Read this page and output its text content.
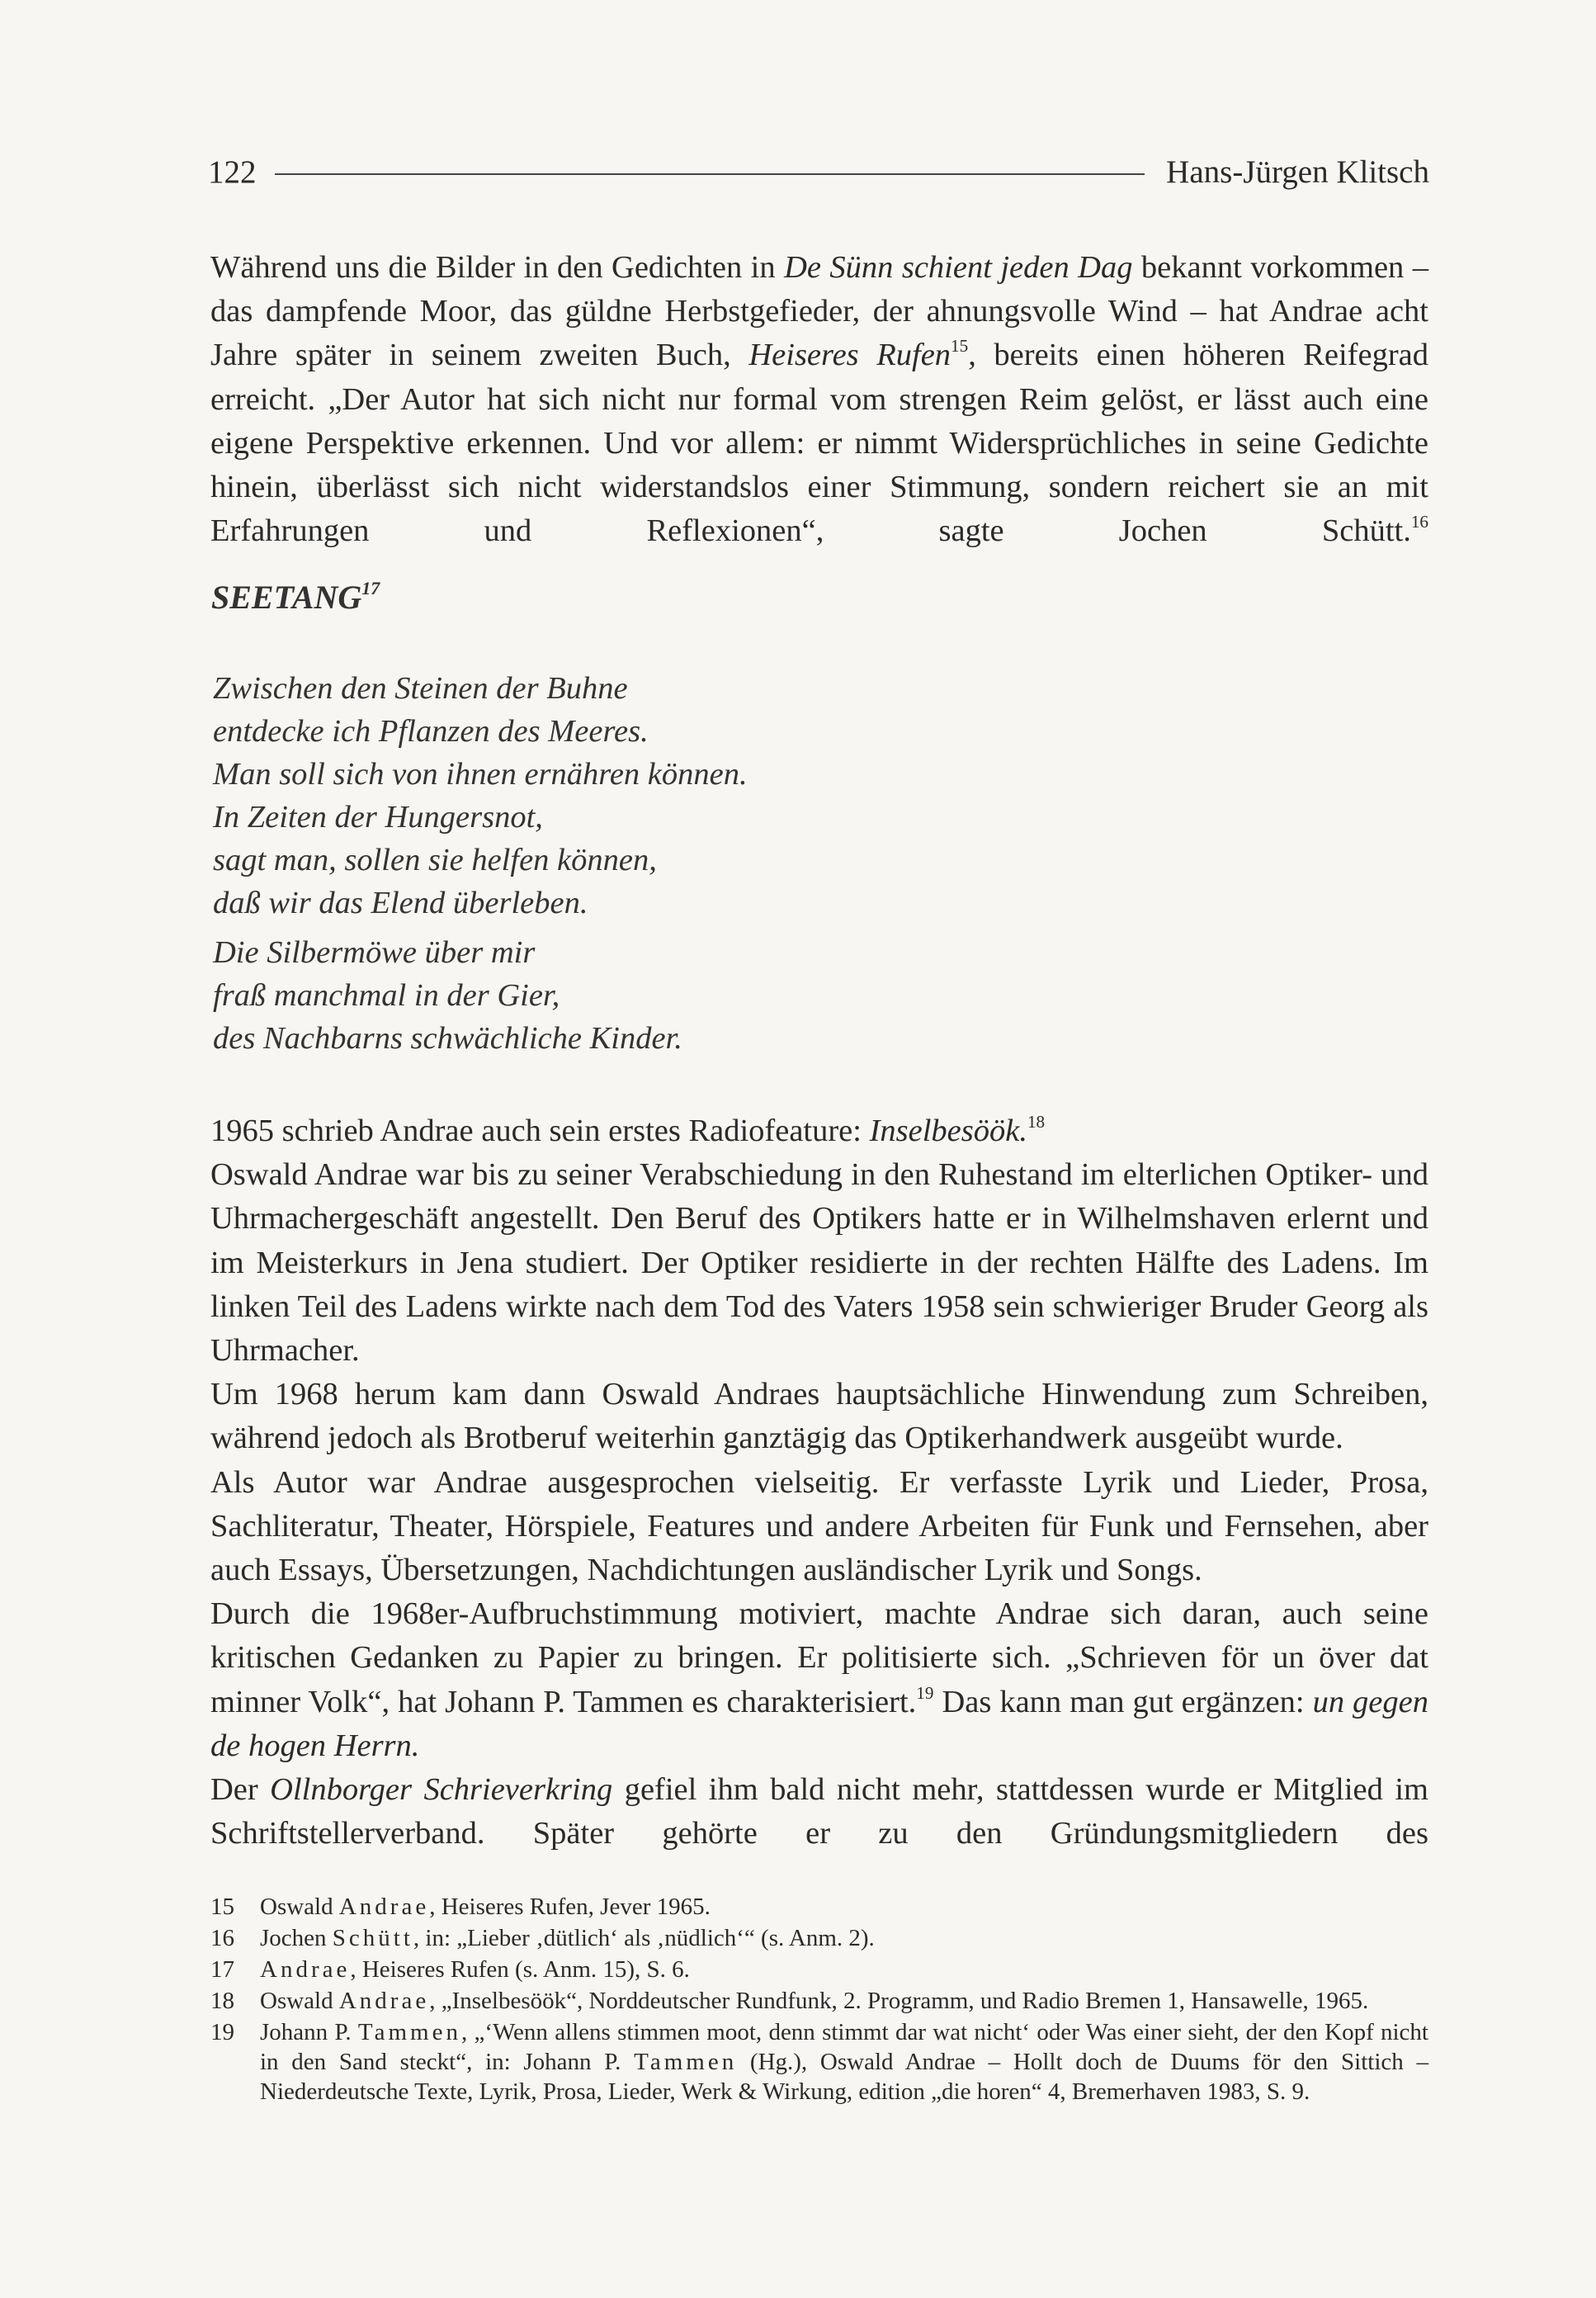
122	Hans-Jürgen Klitsch

Während uns die Bilder in den Gedichten in De Sünn schient jeden Dag bekannt vorkommen – das dampfende Moor, das güldne Herbstgefieder, der ahnungsvolle Wind – hat Andrae acht Jahre später in seinem zweiten Buch, Heiseres Rufen$^{15}$, bereits einen höheren Reifegrad erreicht. „Der Autor hat sich nicht nur formal vom strengen Reim gelöst, er lässt auch eine eigene Perspektive erkennen. Und vor allem: er nimmt Widersprüchliches in seine Gedichte hinein, überlässt sich nicht widerstandslos einer Stimmung, sondern reichert sie an mit Erfahrungen und Reflexionen“, sagte Jochen Schütt.$^{16}$

SEETANG$^{17}$
Zwischen den Steinen der Buhne
entdecke ich Pflanzen des Meeres.
Man soll sich von ihnen ernähren können.
In Zeiten der Hungersnot,
sagt man, sollen sie helfen können,
daß wir das Elend überleben.
Die Silbermöwe über mir
fraß manchmal in der Gier,
des Nachbarns schwächliche Kinder.

1965 schrieb Andrae auch sein erstes Radiofeature: Inselbesöök.$^{18}$

Oswald Andrae war bis zu seiner Verabschiedung in den Ruhestand im elterlichen Optiker- und Uhrmachergeschäft angestellt. Den Beruf des Optikers hatte er in Wilhelmshaven erlernt und im Meisterkurs in Jena studiert. Der Optiker residierte in der rechten Hälfte des Ladens. Im linken Teil des Ladens wirkte nach dem Tod des Vaters 1958 sein schwieriger Bruder Georg als Uhrmacher.

Um 1968 herum kam dann Oswald Andraes hauptsächliche Hinwendung zum Schreiben, während jedoch als Brotberuf weiterhin ganztägig das Optikerhandwerk ausgeübt wurde.

Als Autor war Andrae ausgesprochen vielseitig. Er verfasste Lyrik und Lieder, Prosa, Sachliteratur, Theater, Hörspiele, Features und andere Arbeiten für Funk und Fernsehen, aber auch Essays, Übersetzungen, Nachdichtungen ausländischer Lyrik und Songs.

Durch die 1968er-Aufbruchstimmung motiviert, machte Andrae sich daran, auch seine kritischen Gedanken zu Papier zu bringen. Er politisierte sich. „Schrieven för un över dat minner Volk“, hat Johann P. Tammen es charakterisiert.$^{19}$ Das kann man gut ergänzen: un gegen de hogen Herrn.

Der Ollnborger Schrieverkring gefiel ihm bald nicht mehr, stattdessen wurde er Mitglied im Schriftstellerverband. Später gehörte er zu den Gründungsmitgliedern des

15	Oswald Andrae, Heiseres Rufen, Jever 1965.
16	Jochen Schütt, in: „Lieber ‚dütlich‘ als ‚nüdlich‘“ (s. Anm. 2).
17	Andrae, Heiseres Rufen (s. Anm. 15), S. 6.
18	Oswald Andrae, „Inselbesöök“, Norddeutscher Rundfunk, 2. Programm, und Radio Bremen 1, Hansawelle, 1965.
19	Johann P. Tammen, „‘Wenn allens stimmen moot, denn stimmt dar wat nicht‘ oder Was einer sieht, der den Kopf nicht in den Sand steckt“, in: Johann P. Tammen (Hg.), Oswald Andrae – Hollt doch de Duums för den Sittich – Niederdeutsche Texte, Lyrik, Prosa, Lieder, Werk & Wirkung, edition „die horen“ 4, Bremerhaven 1983, S. 9.
